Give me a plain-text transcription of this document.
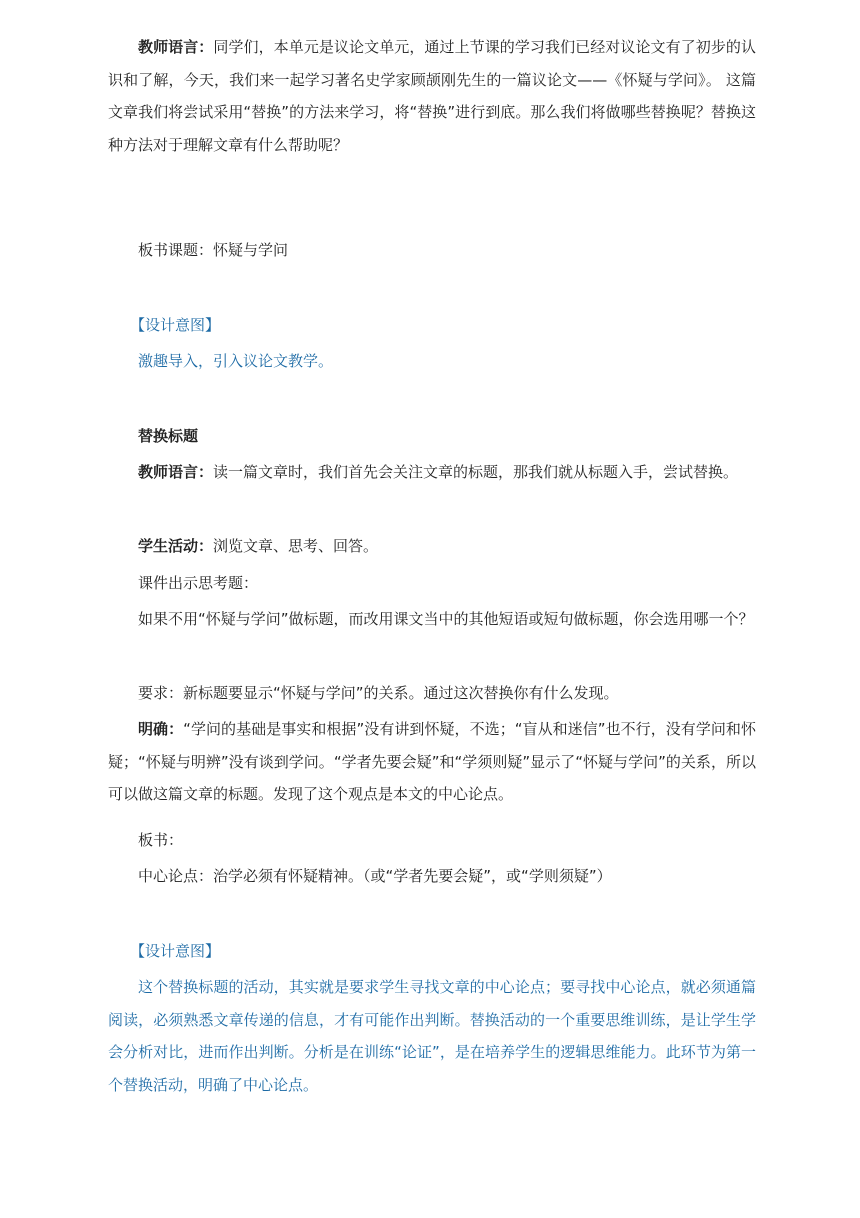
教师语言：同学们，本单元是议论文单元，通过上节课的学习我们已经对议论文有了初步的认识和了解，今天，我们来一起学习著名史学家顾颉刚先生的一篇议论文——《怀疑与学问》。 这篇文章我们将尝试采用“替换”的方法来学习，将“替换”进行到底。那么我们将做哪些替换呢？替换这种方法对于理解文章有什么帮助呢？

板书课题：怀疑与学问

【设计意图】

激趣导入，引入议论文教学。

替换标题

教师语言：读一篇文章时，我们首先会关注文章的标题，那我们就从标题入手，尝试替换。

学生活动：浏览文章、思考、回答。

课件出示思考题：

如果不用“怀疑与学问”做标题，而改用课文当中的其他短语或短句做标题，你会选用哪一个？

要求：新标题要显示“怀疑与学问”的关系。通过这次替换你有什么发现。

明确：“学问的基础是事实和根据”没有讲到怀疑，不选；“盲从和迷信”也不行，没有学问和怀疑；“怀疑与明辨”没有谈到学问。“学者先要会疑”和“学须则疑”显示了“怀疑与学问”的关系，所以可以做这篇文章的标题。发现了这个观点是本文的中心论点。

板书：

中心论点：治学必须有怀疑精神。（或“学者先要会疑”，或“学则须疑”）

【设计意图】

这个替换标题的活动，其实就是要求学生寻找文章的中心论点；要寻找中心论点，就必须通篇阅读，必须熟悉文章传递的信息，才有可能作出判断。替换活动的一个重要思维训练，是让学生学会分析对比，进而作出判断。分析是在训练“论证”，是在培养学生的逻辑思维能力。此环节为第一个替换活动，明确了中心论点。
